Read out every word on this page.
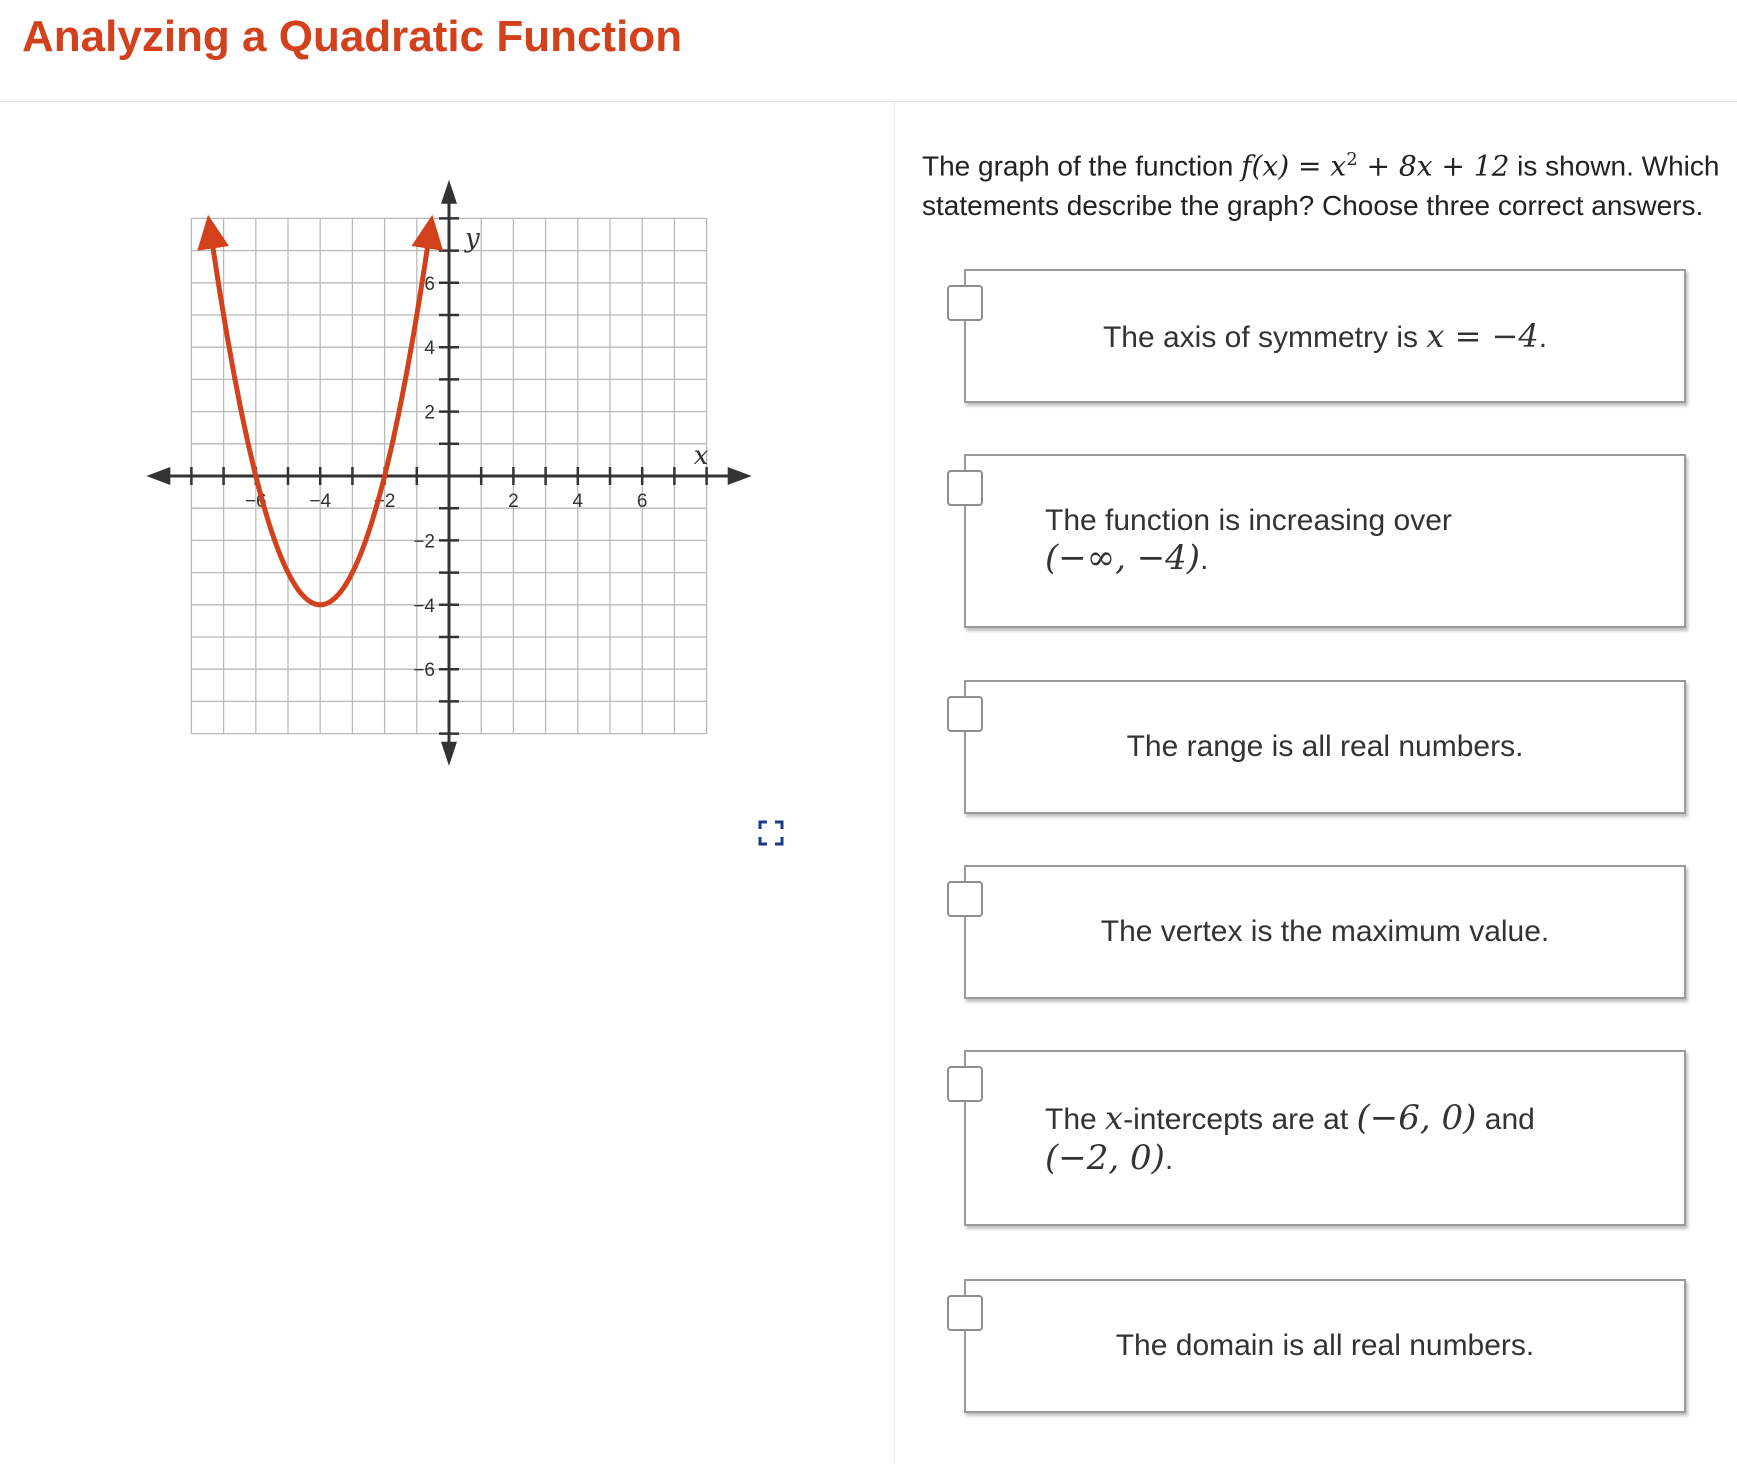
Analyzing a Quadratic Function
−6 −4 −2	2	4	6
6
4
2
−2
−4
−6
x
y
The graph of the function $f(x) = x^2 + 8x + 12$ is shown. Which statements describe the graph? Choose three correct answers.
The axis of symmetry is x = −4.
The function is increasing over
(−∞, −4).
The range is all real numbers.
The vertex is the maximum value.
The x-intercepts are at (−6, 0) and
(−2, 0).
The domain is all real numbers.
